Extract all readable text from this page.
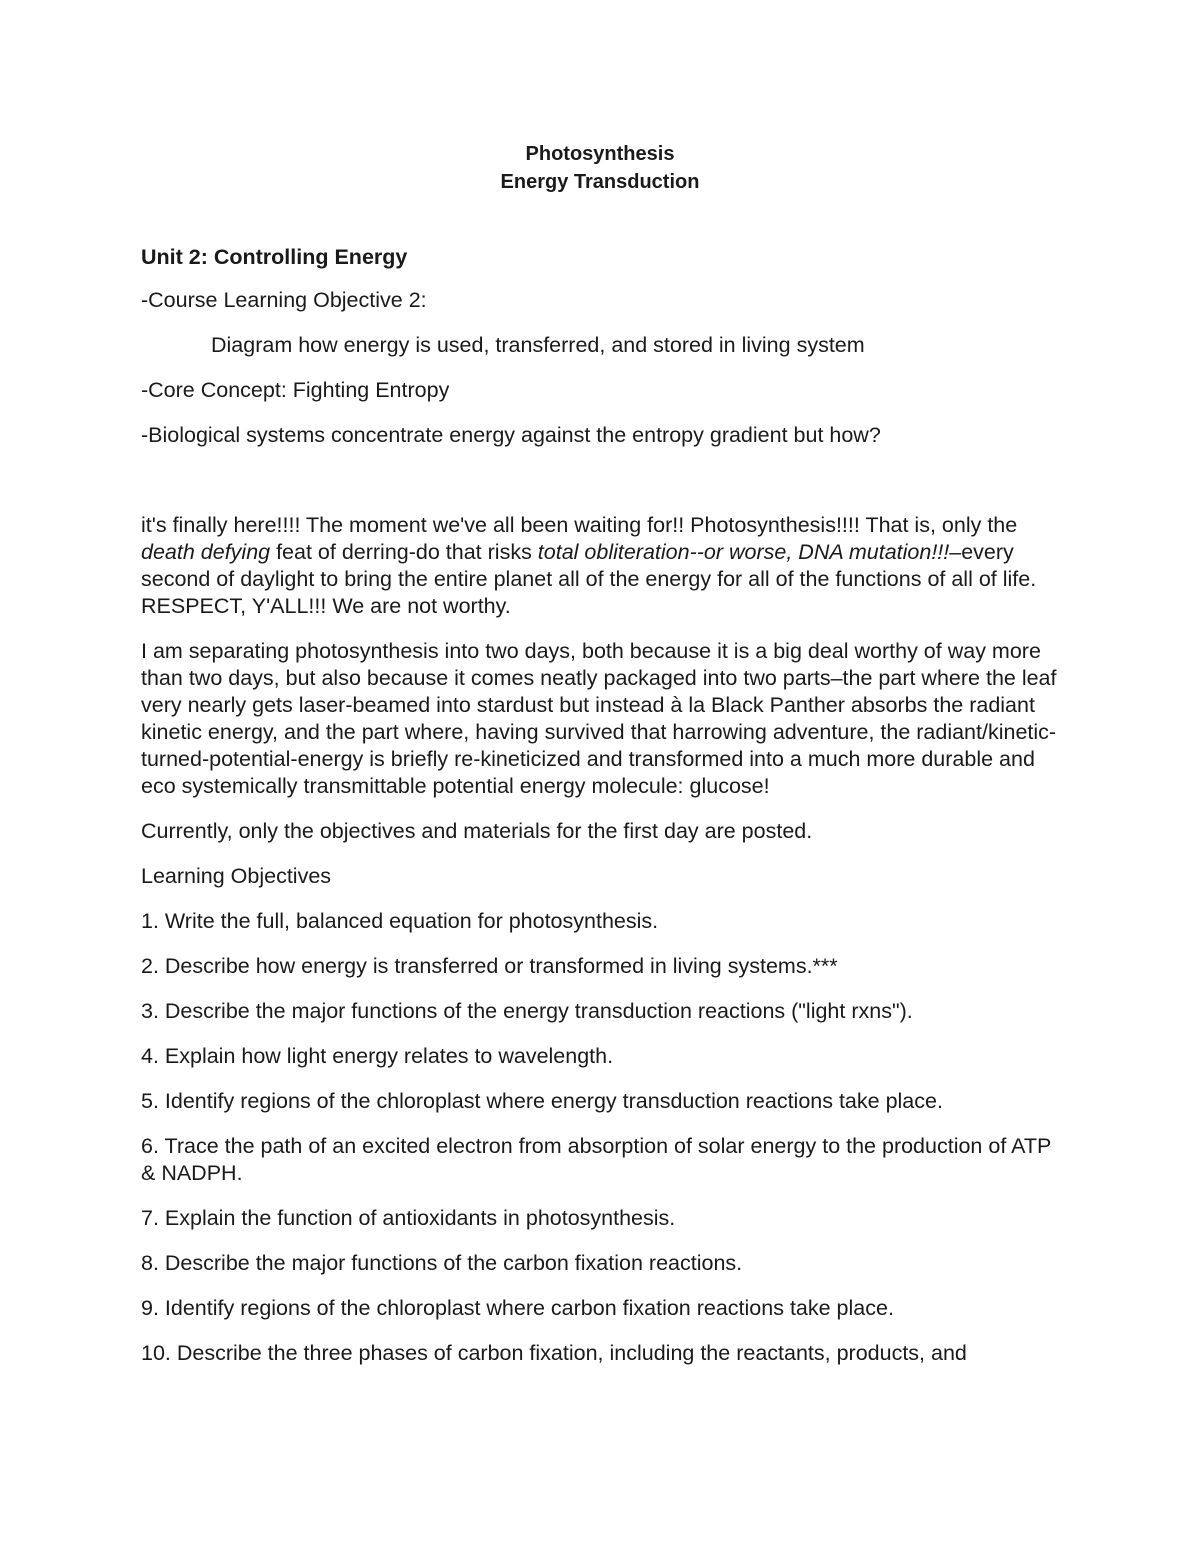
Photosynthesis
Energy Transduction
Unit 2: Controlling Energy
-Course Learning Objective 2:
Diagram how energy is used, transferred, and stored in living system
-Core Concept: Fighting Entropy
-Biological systems concentrate energy against the entropy gradient but how?
it's finally here!!!! The moment we've all been waiting for!! Photosynthesis!!!! That is, only the death defying feat of derring-do that risks total obliteration--or worse, DNA mutation!!!–every second of daylight to bring the entire planet all of the energy for all of the functions of all of life. RESPECT, Y'ALL!!! We are not worthy.
I am separating photosynthesis into two days, both because it is a big deal worthy of way more than two days, but also because it comes neatly packaged into two parts–the part where the leaf very nearly gets laser-beamed into stardust but instead à la Black Panther absorbs the radiant kinetic energy, and the part where, having survived that harrowing adventure, the radiant/kinetic-turned-potential-energy is briefly re-kineticized and transformed into a much more durable and eco systemically transmittable potential energy molecule: glucose!
Currently, only the objectives and materials for the first day are posted.
Learning Objectives
1. Write the full, balanced equation for photosynthesis.
2. Describe how energy is transferred or transformed in living systems.***
3. Describe the major functions of the energy transduction reactions ("light rxns").
4. Explain how light energy relates to wavelength.
5. Identify regions of the chloroplast where energy transduction reactions take place.
6. Trace the path of an excited electron from absorption of solar energy to the production of ATP & NADPH.
7. Explain the function of antioxidants in photosynthesis.
8. Describe the major functions of the carbon fixation reactions.
9. Identify regions of the chloroplast where carbon fixation reactions take place.
10. Describe the three phases of carbon fixation, including the reactants, products, and
